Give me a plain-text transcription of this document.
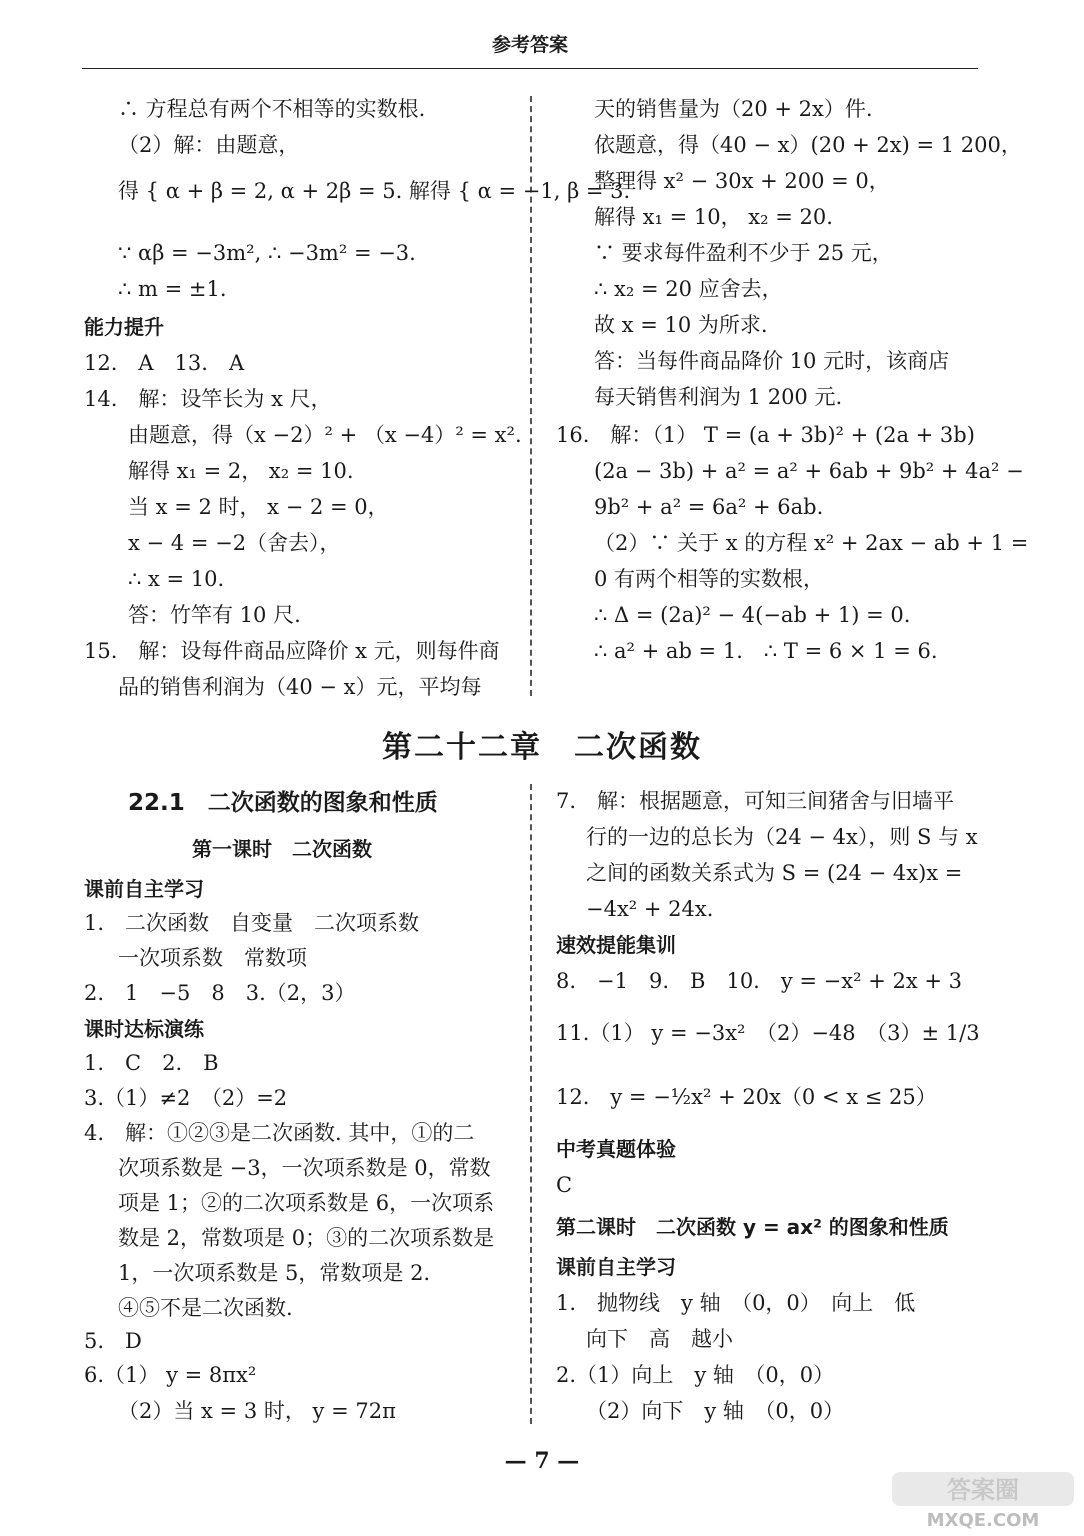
参考答案
∴ 方程总有两个不相等的实数根.
（2）解：由题意，
得 { α + β = 2, α + 2β = 5. 解得 { α = −1, β = 3.
∵ αβ = −3m², ∴ −3m² = −3.
∴ m = ±1.
能力提升
12.　A　13.　A
14.　解：设竿长为 x 尺，
由题意，得（x −2）² + （x −4）² = x².
解得 x₁ = 2， x₂ = 10.
当 x = 2 时， x − 2 = 0，
x − 4 = −2（舍去），
∴ x = 10.
答：竹竿有 10 尺.
15.　解：设每件商品应降价 x 元，则每件商
品的销售利润为（40 − x）元，平均每
天的销售量为（20 + 2x）件.
依题意，得（40 − x）(20 + 2x) = 1 200，
整理得 x² − 30x + 200 = 0，
解得 x₁ = 10， x₂ = 20.
∵ 要求每件盈利不少于 25 元，
∴ x₂ = 20 应舍去，
故 x = 10 为所求.
答：当每件商品降价 10 元时，该商店
每天销售利润为 1 200 元.
16.　解：（1） T = (a + 3b)² + (2a + 3b)
(2a − 3b) + a² = a² + 6ab + 9b² + 4a² −
9b² + a² = 6a² + 6ab.
（2）∵ 关于 x 的方程 x² + 2ax − ab + 1 =
0 有两个相等的实数根，
∴ Δ = (2a)² − 4(−ab + 1) = 0.
∴ a² + ab = 1.　∴ T = 6 × 1 = 6.
第二十二章　二次函数
22.1　二次函数的图象和性质
第一课时　二次函数
课前自主学习
1.　二次函数　自变量　二次项系数
一次项系数　常数项
2.　1　−5　8　3.（2，3）
课时达标演练
1.　C　2.　B
3.（1）≠2　（2）=2
4.　解：①②③是二次函数. 其中，①的二
次项系数是 −3，一次项系数是 0，常数
项是 1；②的二次项系数是 6，一次项系
数是 2，常数项是 0；③的二次项系数是
1，一次项系数是 5，常数项是 2.
④⑤不是二次函数.
5.　D
6.（1） y = 8πx²
（2）当 x = 3 时， y = 72π
7.　解：根据题意，可知三间猪舍与旧墙平
行的一边的总长为（24 − 4x），则 S 与 x
之间的函数关系式为 S = (24 − 4x)x =
−4x² + 24x.
速效提能集训
8.　−1　9.　B　10.　y = −x² + 2x + 3
11.（1） y = −3x²　（2）−48　（3）± 1/3
12.　y = −½x² + 20x（0 < x ≤ 25）
中考真题体验
C
第二课时　二次函数 y = ax² 的图象和性质
课前自主学习
1.　抛物线　y 轴　（0，0）　向上　低
向下　高　越小
2.（1）向上　y 轴　（0，0）
（2）向下　y 轴　（0，0）
— 7 —
答案圈
MXQE.COM
